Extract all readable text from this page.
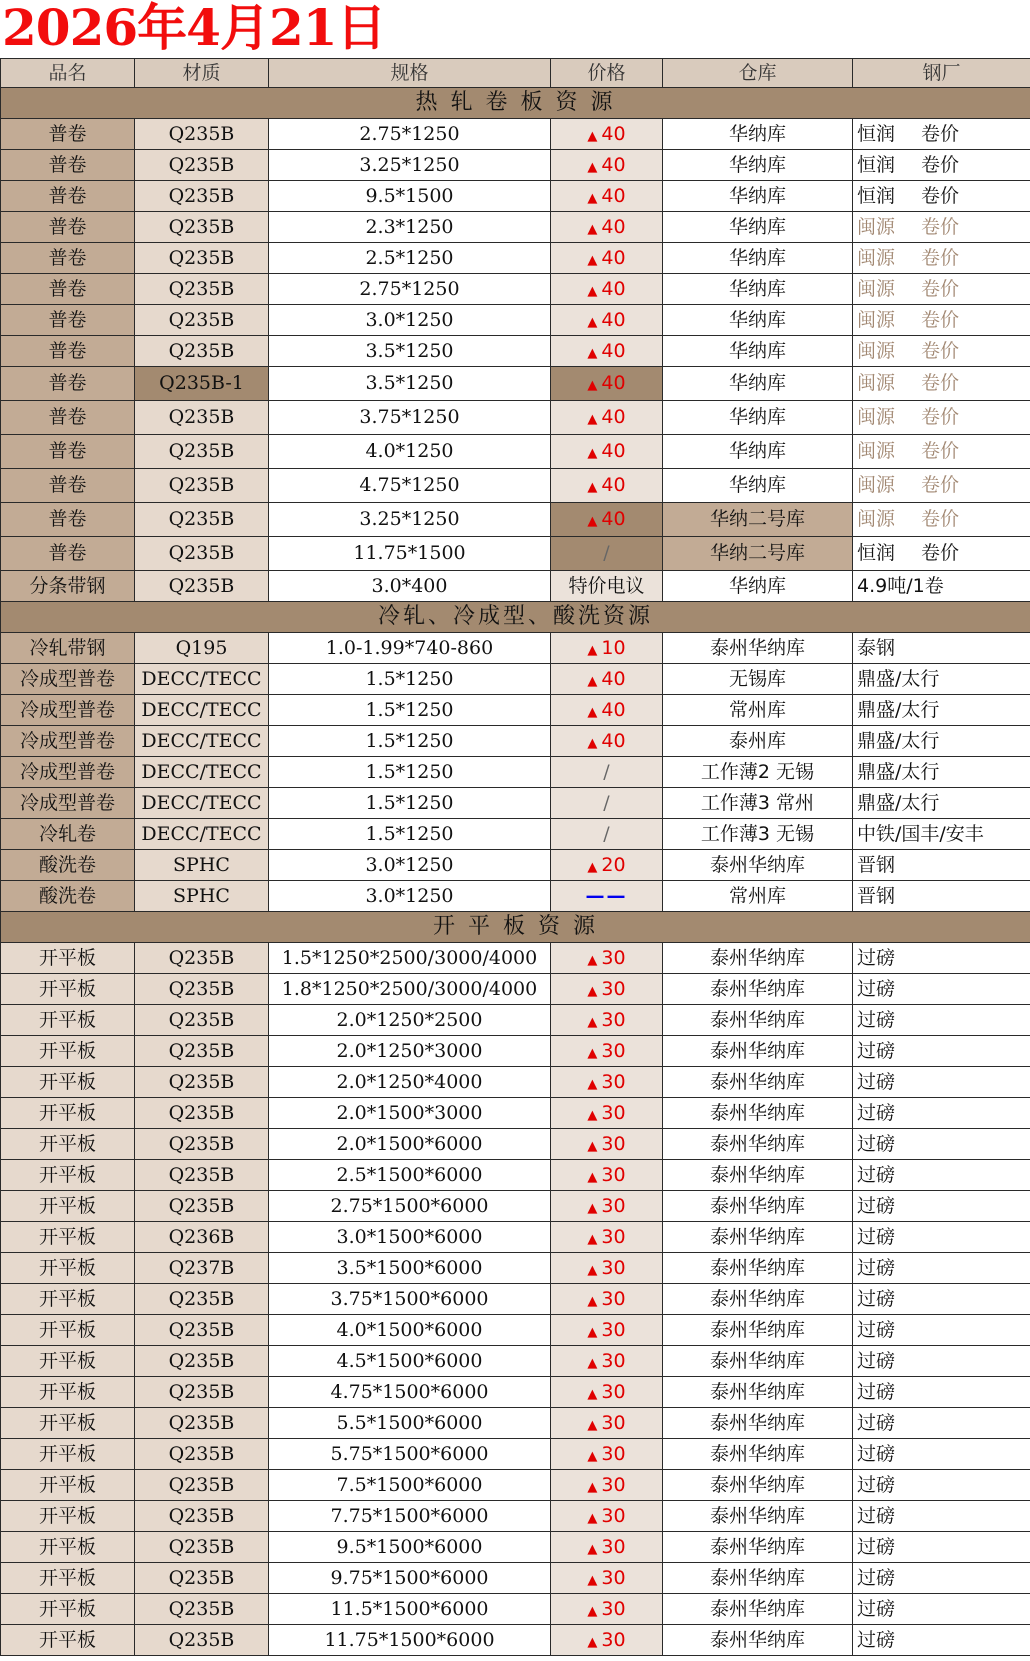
2026年4月21日
品名	材质	规格	价格	仓库	钢厂
热 轧 卷 板 资 源					
普卷	Q235B	2.75*1250	▲ 40	华纳库	恒润 卷价
普卷	Q235B	3.25*1250	▲ 40	华纳库	恒润 卷价
普卷	Q235B	9.5*1500	▲ 40	华纳库	恒润 卷价
普卷	Q235B	2.3*1250	▲ 40	华纳库	闽源 卷价
普卷	Q235B	2.5*1250	▲ 40	华纳库	闽源 卷价
普卷	Q235B	2.75*1250	▲ 40	华纳库	闽源 卷价
普卷	Q235B	3.0*1250	▲ 40	华纳库	闽源 卷价
普卷	Q235B	3.5*1250	▲ 40	华纳库	闽源 卷价
普卷	Q235B-1	3.5*1250	▲ 40	华纳库	闽源 卷价
普卷	Q235B	3.75*1250	▲ 40	华纳库	闽源 卷价
普卷	Q235B	4.0*1250	▲ 40	华纳库	闽源 卷价
普卷	Q235B	4.75*1250	▲ 40	华纳库	闽源 卷价
普卷	Q235B	3.25*1250	▲ 40	华纳二号库	闽源 卷价
普卷	Q235B	11.75*1500	/	华纳二号库	恒润 卷价
分条带钢	Q235B	3.0*400	特价电议	华纳库	4.9吨/1卷
冷轧、冷成型、酸洗资源					
冷轧带钢	Q195	1.0-1.99*740-860	▲ 10	泰州华纳库	泰钢
冷成型普卷	DECC/TECC	1.5*1250	▲ 40	无锡库	鼎盛/太行
冷成型普卷	DECC/TECC	1.5*1250	▲ 40	常州库	鼎盛/太行
冷成型普卷	DECC/TECC	1.5*1250	▲ 40	泰州库	鼎盛/太行
冷成型普卷	DECC/TECC	1.5*1250	/	工作薄2 无锡	鼎盛/太行
冷成型普卷	DECC/TECC	1.5*1250	/	工作薄3 常州	鼎盛/太行
冷轧卷	DECC/TECC	1.5*1250	/	工作薄3 无锡	中铁/国丰/安丰
酸洗卷	SPHC	3.0*1250	▲ 20	泰州华纳库	晋钢
酸洗卷	SPHC	3.0*1250	——	常州库	晋钢
开 平 板 资 源					
开平板	Q235B	1.5*1250*2500/3000/4000	▲ 30	泰州华纳库	过磅
开平板	Q235B	1.8*1250*2500/3000/4000	▲ 30	泰州华纳库	过磅
开平板	Q235B	2.0*1250*2500	▲ 30	泰州华纳库	过磅
开平板	Q235B	2.0*1250*3000	▲ 30	泰州华纳库	过磅
开平板	Q235B	2.0*1250*4000	▲ 30	泰州华纳库	过磅
开平板	Q235B	2.0*1500*3000	▲ 30	泰州华纳库	过磅
开平板	Q235B	2.0*1500*6000	▲ 30	泰州华纳库	过磅
开平板	Q235B	2.5*1500*6000	▲ 30	泰州华纳库	过磅
开平板	Q235B	2.75*1500*6000	▲ 30	泰州华纳库	过磅
开平板	Q236B	3.0*1500*6000	▲ 30	泰州华纳库	过磅
开平板	Q237B	3.5*1500*6000	▲ 30	泰州华纳库	过磅
开平板	Q235B	3.75*1500*6000	▲ 30	泰州华纳库	过磅
开平板	Q235B	4.0*1500*6000	▲ 30	泰州华纳库	过磅
开平板	Q235B	4.5*1500*6000	▲ 30	泰州华纳库	过磅
开平板	Q235B	4.75*1500*6000	▲ 30	泰州华纳库	过磅
开平板	Q235B	5.5*1500*6000	▲ 30	泰州华纳库	过磅
开平板	Q235B	5.75*1500*6000	▲ 30	泰州华纳库	过磅
开平板	Q235B	7.5*1500*6000	▲ 30	泰州华纳库	过磅
开平板	Q235B	7.75*1500*6000	▲ 30	泰州华纳库	过磅
开平板	Q235B	9.5*1500*6000	▲ 30	泰州华纳库	过磅
开平板	Q235B	9.75*1500*6000	▲ 30	泰州华纳库	过磅
开平板	Q235B	11.5*1500*6000	▲ 30	泰州华纳库	过磅
开平板	Q235B	11.75*1500*6000	▲ 30	泰州华纳库	过磅
